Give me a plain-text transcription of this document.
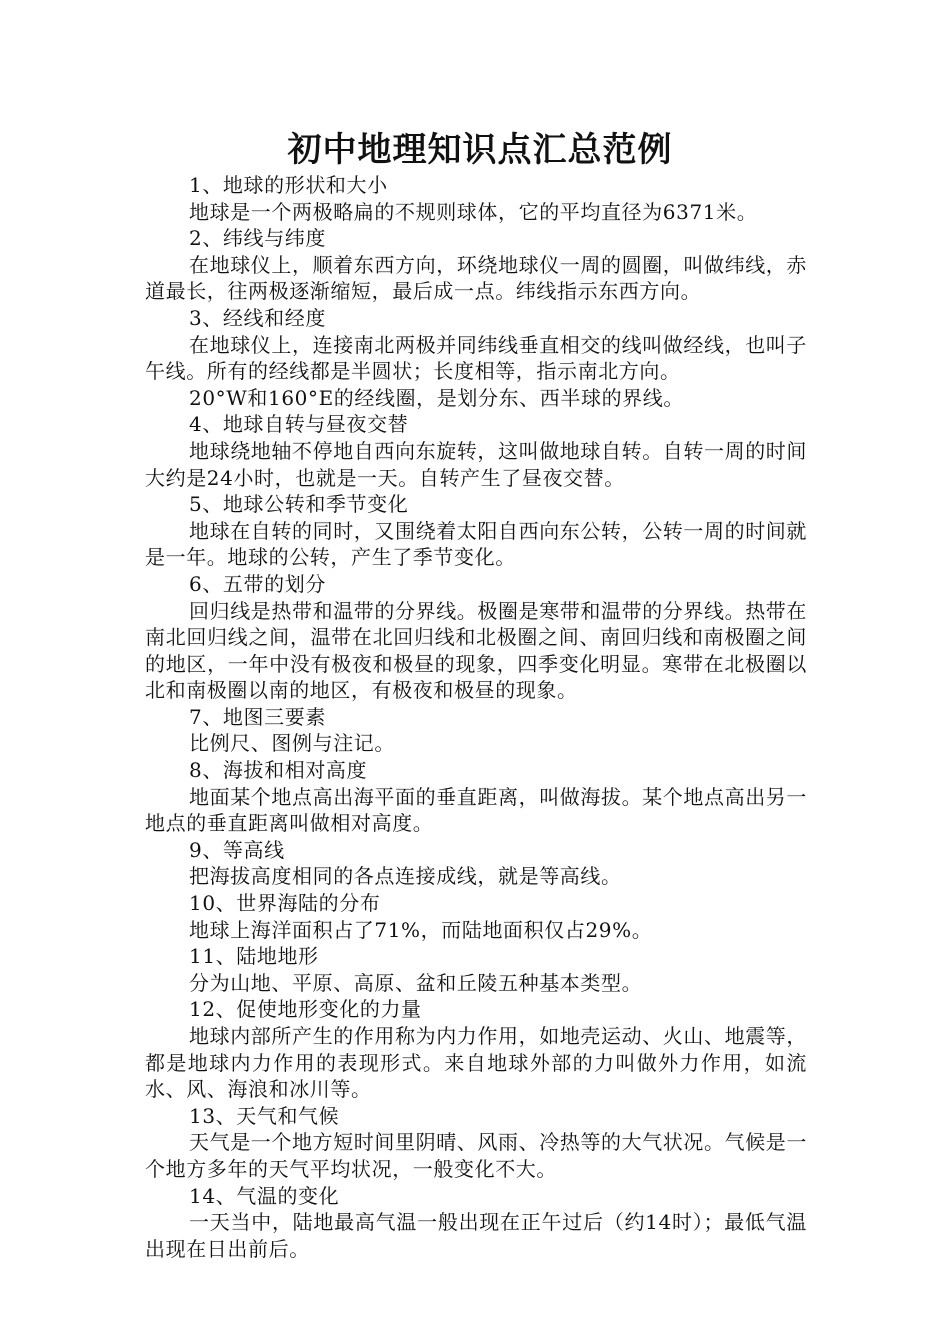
初中地理知识点汇总范例

1、地球的形状和大小

地球是一个两极略扁的不规则球体，它的平均直径为6371米。

2、纬线与纬度

在地球仪上，顺着东西方向，环绕地球仪一周的圆圈，叫做纬线，赤道最长，往两极逐渐缩短，最后成一点。纬线指示东西方向。

3、经线和经度

在地球仪上，连接南北两极并同纬线垂直相交的线叫做经线，也叫子午线。所有的经线都是半圆状；长度相等，指示南北方向。

20°W和160°E的经线圈，是划分东、西半球的界线。

4、地球自转与昼夜交替

地球绕地轴不停地自西向东旋转，这叫做地球自转。自转一周的时间大约是24小时，也就是一天。自转产生了昼夜交替。

5、地球公转和季节变化

地球在自转的同时，又围绕着太阳自西向东公转，公转一周的时间就是一年。地球的公转，产生了季节变化。

6、五带的划分

回归线是热带和温带的分界线。极圈是寒带和温带的分界线。热带在南北回归线之间，温带在北回归线和北极圈之间、南回归线和南极圈之间的地区，一年中没有极夜和极昼的现象，四季变化明显。寒带在北极圈以北和南极圈以南的地区，有极夜和极昼的现象。

7、地图三要素

比例尺、图例与注记。

8、海拔和相对高度

地面某个地点高出海平面的垂直距离，叫做海拔。某个地点高出另一地点的垂直距离叫做相对高度。

9、等高线

把海拔高度相同的各点连接成线，就是等高线。

10、世界海陆的分布

地球上海洋面积占了71%，而陆地面积仅占29%。

11、陆地地形

分为山地、平原、高原、盆和丘陵五种基本类型。

12、促使地形变化的力量

地球内部所产生的作用称为内力作用，如地壳运动、火山、地震等，都是地球内力作用的表现形式。来自地球外部的力叫做外力作用，如流水、风、海浪和冰川等。

13、天气和气候

天气是一个地方短时间里阴晴、风雨、冷热等的大气状况。气候是一个地方多年的天气平均状况，一般变化不大。

14、气温的变化

一天当中，陆地最高气温一般出现在正午过后（约14时）；最低气温出现在日出前后。
